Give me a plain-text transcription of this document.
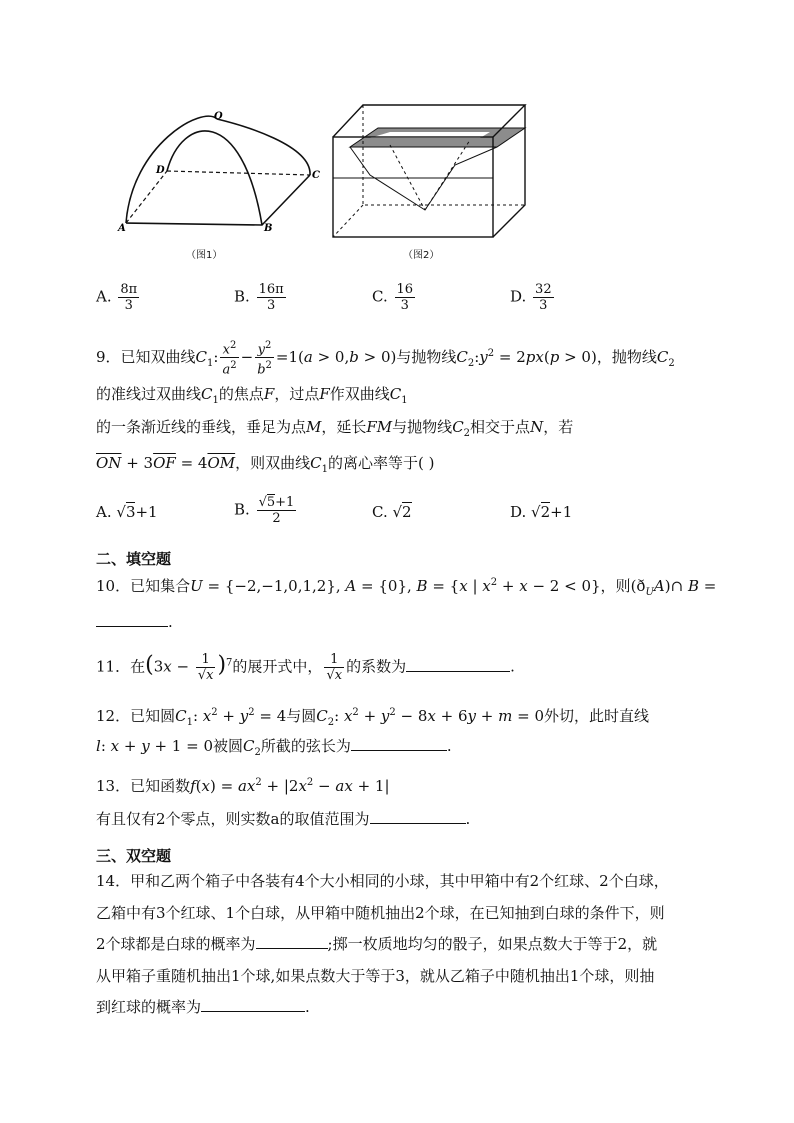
O
D	C
A	B
（图1）	（图2）
A. $\frac{8\pi}{3}$	B. $\frac{16\pi}{3}$	C. $\frac{16}{3}$	D. $\frac{32}{3}$
9．已知双曲线$C_1$: $\frac{x^2}{a^2} - \frac{y^2}{b^2} =1(a > 0,b > 0)$与抛物线$C_2:y^2 = 2px(p > 0)$，抛物线$C_2$
的准线过双曲线$C_1$的焦点F，过点F作双曲线$C_1$
的一条渐近线的垂线，垂足为点M，延长FM与抛物线$C_2$相交于点N，若
$\overline{ON} + 3\overline{OF} = 4\overline{OM}$，则双曲线$C_1$的离心率等于( )
A. √3+1	B. $\frac{√5+1}{2}$	C. √2	D. √2+1
二、填空题
10．已知集合U = {−2,−1,0,1,2}, A = {0}, B = {x | $x^2 + x - 2 < 0$}，则$(ð_UA)\cap$ B =
.
11．在$(3x - \frac{1}{√x} )^7$的展开式中， $\frac{1}{√x}$ 的系数为	.
12．已知圆$C_1$: $x^2 + y^2 = 4$与圆$C_2$: $x^2 + y^2 - 8x + 6y + m = 0$外切，此时直线
l: x + y + 1 = 0被圆$C_2$所截的弦长为	.
13．已知函数$f(x) = ax^2 + |2x^2$ − ax + 1|
有且仅有2个零点，则实数a的取值范围为	.
三、双空题
14．甲和乙两个箱子中各装有4个大小相同的小球，其中甲箱中有2个红球、2个白球，
乙箱中有3个红球、1个白球，从甲箱中随机抽出2个球，在已知抽到白球的条件下，则
2个球都是白球的概率为	;掷一枚质地均匀的骰子，如果点数大于等于2，就
从甲箱子重随机抽出1个球,如果点数大于等于3，就从乙箱子中随机抽出1个球，则抽
到红球的概率为	.
